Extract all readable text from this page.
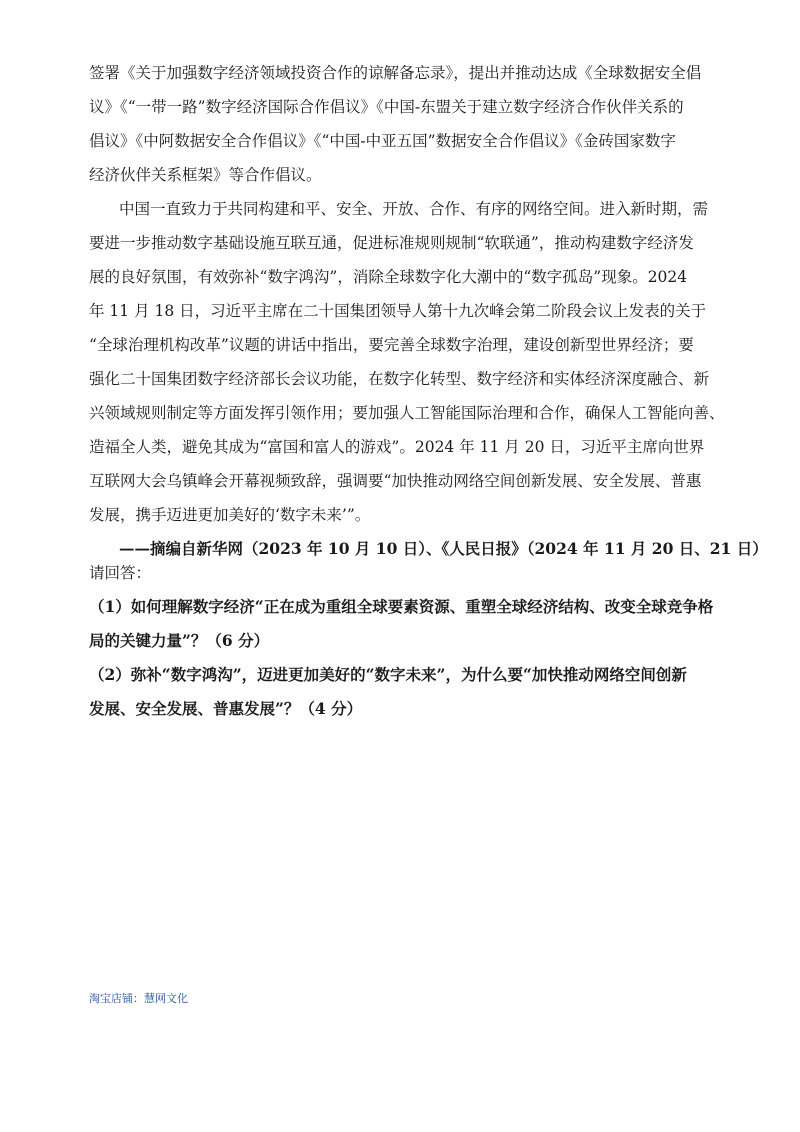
签署《关于加强数字经济领域投资合作的谅解备忘录》，提出并推动达成《全球数据安全倡
议》《“一带一路”数字经济国际合作倡议》《中国-东盟关于建立数字经济合作伙伴关系的
倡议》《中阿数据安全合作倡议》《“中国-中亚五国”数据安全合作倡议》《金砖国家数字
经济伙伴关系框架》等合作倡议。
中国一直致力于共同构建和平、安全、开放、合作、有序的网络空间。进入新时期，需
要进一步推动数字基础设施互联互通，促进标准规则规制“软联通”，推动构建数字经济发
展的良好氛围，有效弥补“数字鸿沟”，消除全球数字化大潮中的“数字孤岛”现象。2024
年 11 月 18 日，习近平主席在二十国集团领导人第十九次峰会第二阶段会议上发表的关于
“全球治理机构改革”议题的讲话中指出，要完善全球数字治理，建设创新型世界经济；要
强化二十国集团数字经济部长会议功能，在数字化转型、数字经济和实体经济深度融合、新
兴领域规则制定等方面发挥引领作用；要加强人工智能国际治理和合作，确保人工智能向善、
造福全人类，避免其成为“富国和富人的游戏”。2024 年 11 月 20 日，习近平主席向世界
互联网大会乌镇峰会开幕视频致辞，强调要“加快推动网络空间创新发展、安全发展、普惠
发展，携手迈进更加美好的‘数字未来’”。
——摘编自新华网（2023 年 10 月 10 日）、《人民日报》（2024 年 11 月 20 日、21 日）
请回答：
（1）如何理解数字经济“正在成为重组全球要素资源、重塑全球经济结构、改变全球竞争格
局的关键力量”？（6 分）
（2）弥补“数字鸿沟”，迈进更加美好的“数字未来”，为什么要“加快推动网络空间创新
发展、安全发展、普惠发展”？（4 分）
淘宝店铺：慧网文化
